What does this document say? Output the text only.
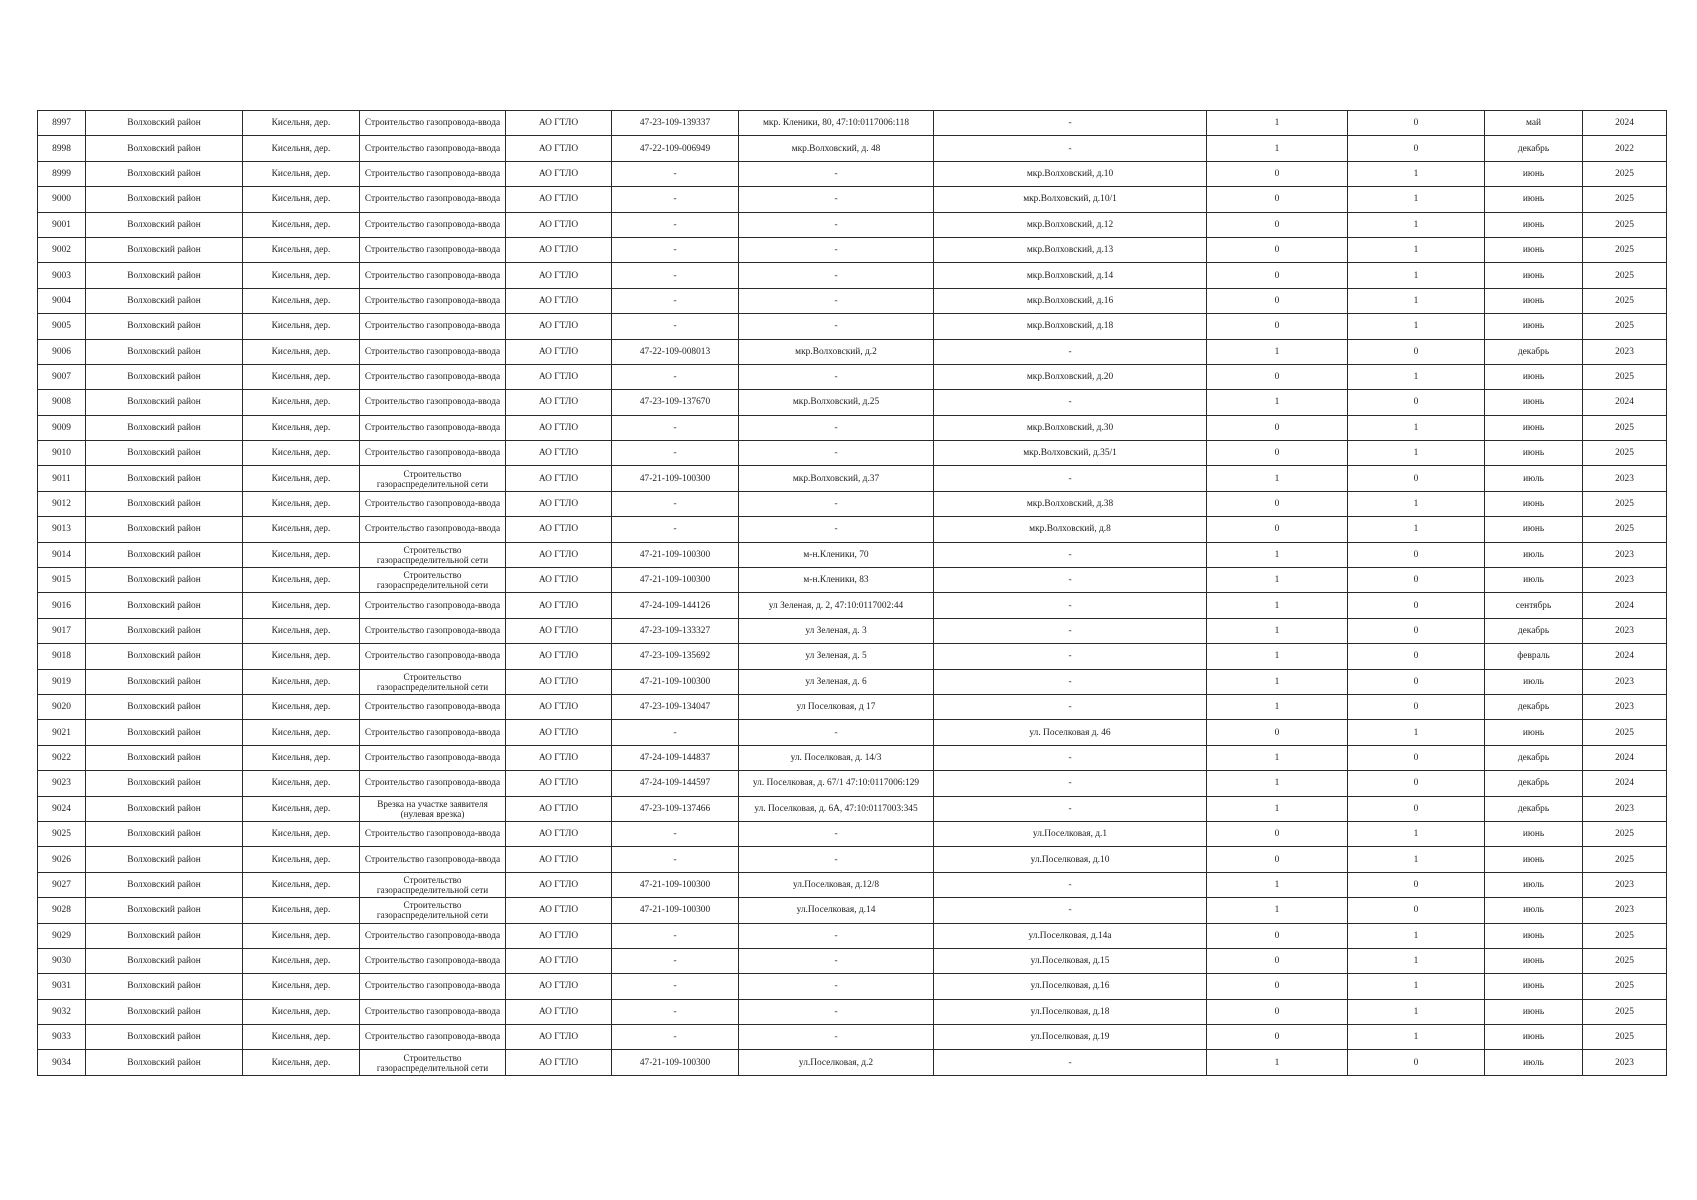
8997	Волховский район	Кисельня, дер.	Строительство газопровода-ввода	АО ГТЛО	47-23-109-139337	мкр. Кленики, 80, 47:10:0117006:118	-	1	0	май	2024
8998	Волховский район	Кисельня, дер.	Строительство газопровода-ввода	АО ГТЛО	47-22-109-006949	мкр.Волховский, д. 48	-	1	0	декабрь	2022
8999	Волховский район	Кисельня, дер.	Строительство газопровода-ввода	АО ГТЛО	-	-	мкр.Волховский, д.10	0	1	июнь	2025
9000	Волховский район	Кисельня, дер.	Строительство газопровода-ввода	АО ГТЛО	-	-	мкр.Волховский, д.10/1	0	1	июнь	2025
9001	Волховский район	Кисельня, дер.	Строительство газопровода-ввода	АО ГТЛО	-	-	мкр.Волховский, д.12	0	1	июнь	2025
9002	Волховский район	Кисельня, дер.	Строительство газопровода-ввода	АО ГТЛО	-	-	мкр.Волховский, д.13	0	1	июнь	2025
9003	Волховский район	Кисельня, дер.	Строительство газопровода-ввода	АО ГТЛО	-	-	мкр.Волховский, д.14	0	1	июнь	2025
9004	Волховский район	Кисельня, дер.	Строительство газопровода-ввода	АО ГТЛО	-	-	мкр.Волховский, д.16	0	1	июнь	2025
9005	Волховский район	Кисельня, дер.	Строительство газопровода-ввода	АО ГТЛО	-	-	мкр.Волховский, д.18	0	1	июнь	2025
9006	Волховский район	Кисельня, дер.	Строительство газопровода-ввода	АО ГТЛО	47-22-109-008013	мкр.Волховский, д.2	-	1	0	декабрь	2023
9007	Волховский район	Кисельня, дер.	Строительство газопровода-ввода	АО ГТЛО	-	-	мкр.Волховский, д.20	0	1	июнь	2025
9008	Волховский район	Кисельня, дер.	Строительство газопровода-ввода	АО ГТЛО	47-23-109-137670	мкр.Волховский, д.25	-	1	0	июнь	2024
9009	Волховский район	Кисельня, дер.	Строительство газопровода-ввода	АО ГТЛО	-	-	мкр.Волховский, д.30	0	1	июнь	2025
9010	Волховский район	Кисельня, дер.	Строительство газопровода-ввода	АО ГТЛО	-	-	мкр.Волховский, д.35/1	0	1	июнь	2025
9011	Волховский район	Кисельня, дер.	Строительство газораспределительной сети	АО ГТЛО	47-21-109-100300	мкр.Волховский, д.37	-	1	0	июль	2023
9012	Волховский район	Кисельня, дер.	Строительство газопровода-ввода	АО ГТЛО	-	-	мкр.Волховский, д.38	0	1	июнь	2025
9013	Волховский район	Кисельня, дер.	Строительство газопровода-ввода	АО ГТЛО	-	-	мкр.Волховский, д.8	0	1	июнь	2025
9014	Волховский район	Кисельня, дер.	Строительство газораспределительной сети	АО ГТЛО	47-21-109-100300	м-н.Кленики, 70	-	1	0	июль	2023
9015	Волховский район	Кисельня, дер.	Строительство газораспределительной сети	АО ГТЛО	47-21-109-100300	м-н.Кленики, 83	-	1	0	июль	2023
9016	Волховский район	Кисельня, дер.	Строительство газопровода-ввода	АО ГТЛО	47-24-109-144126	ул Зеленая, д. 2, 47:10:0117002:44	-	1	0	сентябрь	2024
9017	Волховский район	Кисельня, дер.	Строительство газопровода-ввода	АО ГТЛО	47-23-109-133327	ул Зеленая, д. 3	-	1	0	декабрь	2023
9018	Волховский район	Кисельня, дер.	Строительство газопровода-ввода	АО ГТЛО	47-23-109-135692	ул Зеленая, д. 5	-	1	0	февраль	2024
9019	Волховский район	Кисельня, дер.	Строительство газораспределительной сети	АО ГТЛО	47-21-109-100300	ул Зеленая, д. 6	-	1	0	июль	2023
9020	Волховский район	Кисельня, дер.	Строительство газопровода-ввода	АО ГТЛО	47-23-109-134047	ул Поселковая, д 17	-	1	0	декабрь	2023
9021	Волховский район	Кисельня, дер.	Строительство газопровода-ввода	АО ГТЛО	-	-	ул. Поселковая д. 46	0	1	июнь	2025
9022	Волховский район	Кисельня, дер.	Строительство газопровода-ввода	АО ГТЛО	47-24-109-144837	ул. Поселковая, д. 14/3	-	1	0	декабрь	2024
9023	Волховский район	Кисельня, дер.	Строительство газопровода-ввода	АО ГТЛО	47-24-109-144597	ул. Поселковая, д. 67/1 47:10:0117006:129	-	1	0	декабрь	2024
9024	Волховский район	Кисельня, дер.	Врезка на участке заявителя (нулевая врезка)	АО ГТЛО	47-23-109-137466	ул. Поселковая, д. 6А, 47:10:0117003:345	-	1	0	декабрь	2023
9025	Волховский район	Кисельня, дер.	Строительство газопровода-ввода	АО ГТЛО	-	-	ул.Поселковая, д.1	0	1	июнь	2025
9026	Волховский район	Кисельня, дер.	Строительство газопровода-ввода	АО ГТЛО	-	-	ул.Поселковая, д.10	0	1	июнь	2025
9027	Волховский район	Кисельня, дер.	Строительство газораспределительной сети	АО ГТЛО	47-21-109-100300	ул.Поселковая, д.12/8	-	1	0	июль	2023
9028	Волховский район	Кисельня, дер.	Строительство газораспределительной сети	АО ГТЛО	47-21-109-100300	ул.Поселковая, д.14	-	1	0	июль	2023
9029	Волховский район	Кисельня, дер.	Строительство газопровода-ввода	АО ГТЛО	-	-	ул.Поселковая, д.14а	0	1	июнь	2025
9030	Волховский район	Кисельня, дер.	Строительство газопровода-ввода	АО ГТЛО	-	-	ул.Поселковая, д.15	0	1	июнь	2025
9031	Волховский район	Кисельня, дер.	Строительство газопровода-ввода	АО ГТЛО	-	-	ул.Поселковая, д.16	0	1	июнь	2025
9032	Волховский район	Кисельня, дер.	Строительство газопровода-ввода	АО ГТЛО	-	-	ул.Поселковая, д.18	0	1	июнь	2025
9033	Волховский район	Кисельня, дер.	Строительство газопровода-ввода	АО ГТЛО	-	-	ул.Поселковая, д.19	0	1	июнь	2025
9034	Волховский район	Кисельня, дер.	Строительство газораспределительной сети	АО ГТЛО	47-21-109-100300	ул.Поселковая, д.2	-	1	0	июль	2023
